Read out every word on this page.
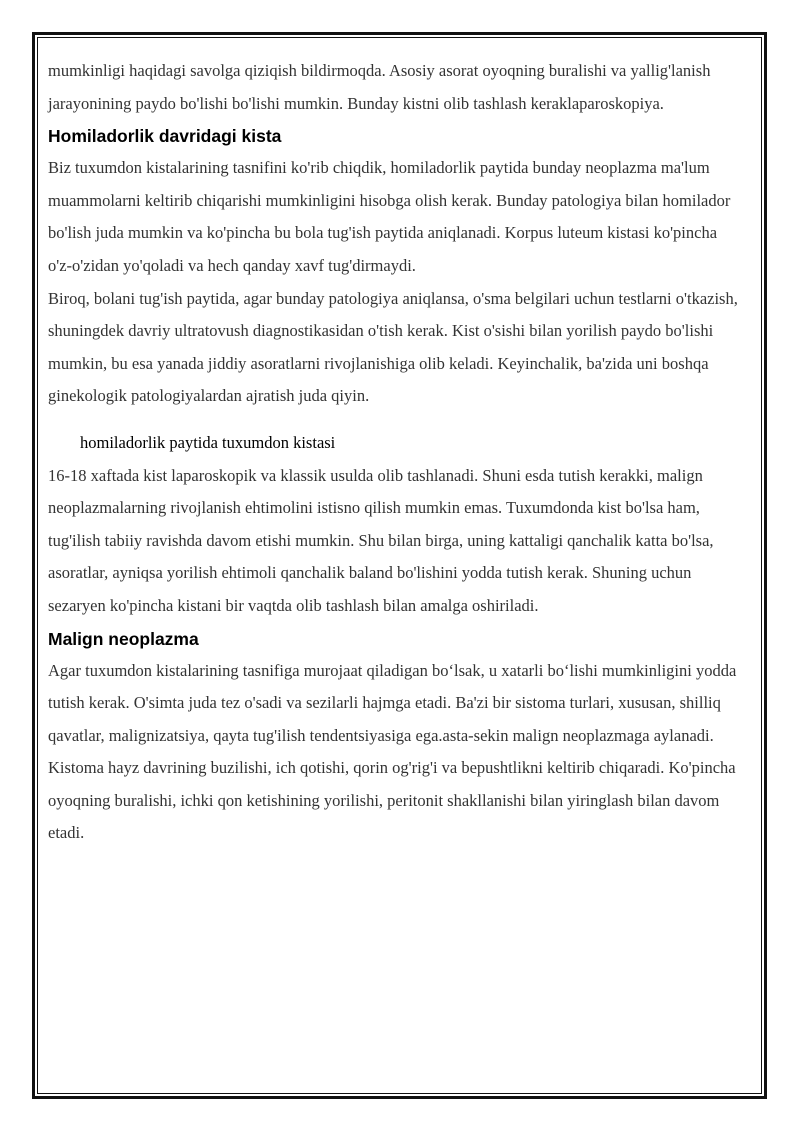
mumkinligi haqidagi savolga qiziqish bildirmoqda. Asosiy asorat oyoqning buralishi va yallig'lanish jarayonining paydo bo'lishi bo'lishi mumkin. Bunday kistni olib tashlash keraklaparoskopiya.

Homiladorlik davridagi kista

Biz tuxumdon kistalarining tasnifini ko'rib chiqdik, homiladorlik paytida bunday neoplazma ma'lum muammolarni keltirib chiqarishi mumkinligini hisobga olish kerak. Bunday patologiya bilan homilador bo'lish juda mumkin va ko'pincha bu bola tug'ish paytida aniqlanadi. Korpus luteum kistasi ko'pincha o'z-o'zidan yo'qoladi va hech qanday xavf tug'dirmaydi.

Biroq, bolani tug'ish paytida, agar bunday patologiya aniqlansa, o'sma belgilari uchun testlarni o'tkazish, shuningdek davriy ultratovush diagnostikasidan o'tish kerak. Kist o'sishi bilan yorilish paydo bo'lishi mumkin, bu esa yanada jiddiy asoratlarni rivojlanishiga olib keladi. Keyinchalik, ba'zida uni boshqa ginekologik patologiyalardan ajratish juda qiyin.

homiladorlik paytida tuxumdon kistasi

16-18 xaftada kist laparoskopik va klassik usulda olib tashlanadi. Shuni esda tutish kerakki, malign neoplazmalarning rivojlanish ehtimolini istisno qilish mumkin emas. Tuxumdonda kist bo'lsa ham, tug'ilish tabiiy ravishda davom etishi mumkin. Shu bilan birga, uning kattaligi qanchalik katta bo'lsa, asoratlar, ayniqsa yorilish ehtimoli qanchalik baland bo'lishini yodda tutish kerak. Shuning uchun sezaryen ko'pincha kistani bir vaqtda olib tashlash bilan amalga oshiriladi.

Malign neoplazma

Agar tuxumdon kistalarining tasnifiga murojaat qiladigan bo‘lsak, u xatarli bo‘lishi mumkinligini yodda tutish kerak. O'simta juda tez o'sadi va sezilarli hajmga etadi. Ba'zi bir sistoma turlari, xususan, shilliq qavatlar, malignizatsiya, qayta tug'ilish tendentsiyasiga ega.asta-sekin malign neoplazmaga aylanadi.

Kistoma hayz davrining buzilishi, ich qotishi, qorin og'rig'i va bepushtlikni keltirib chiqaradi. Ko'pincha oyoqning buralishi, ichki qon ketishining yorilishi, peritonit shakllanishi bilan yiringlash bilan davom etadi.
